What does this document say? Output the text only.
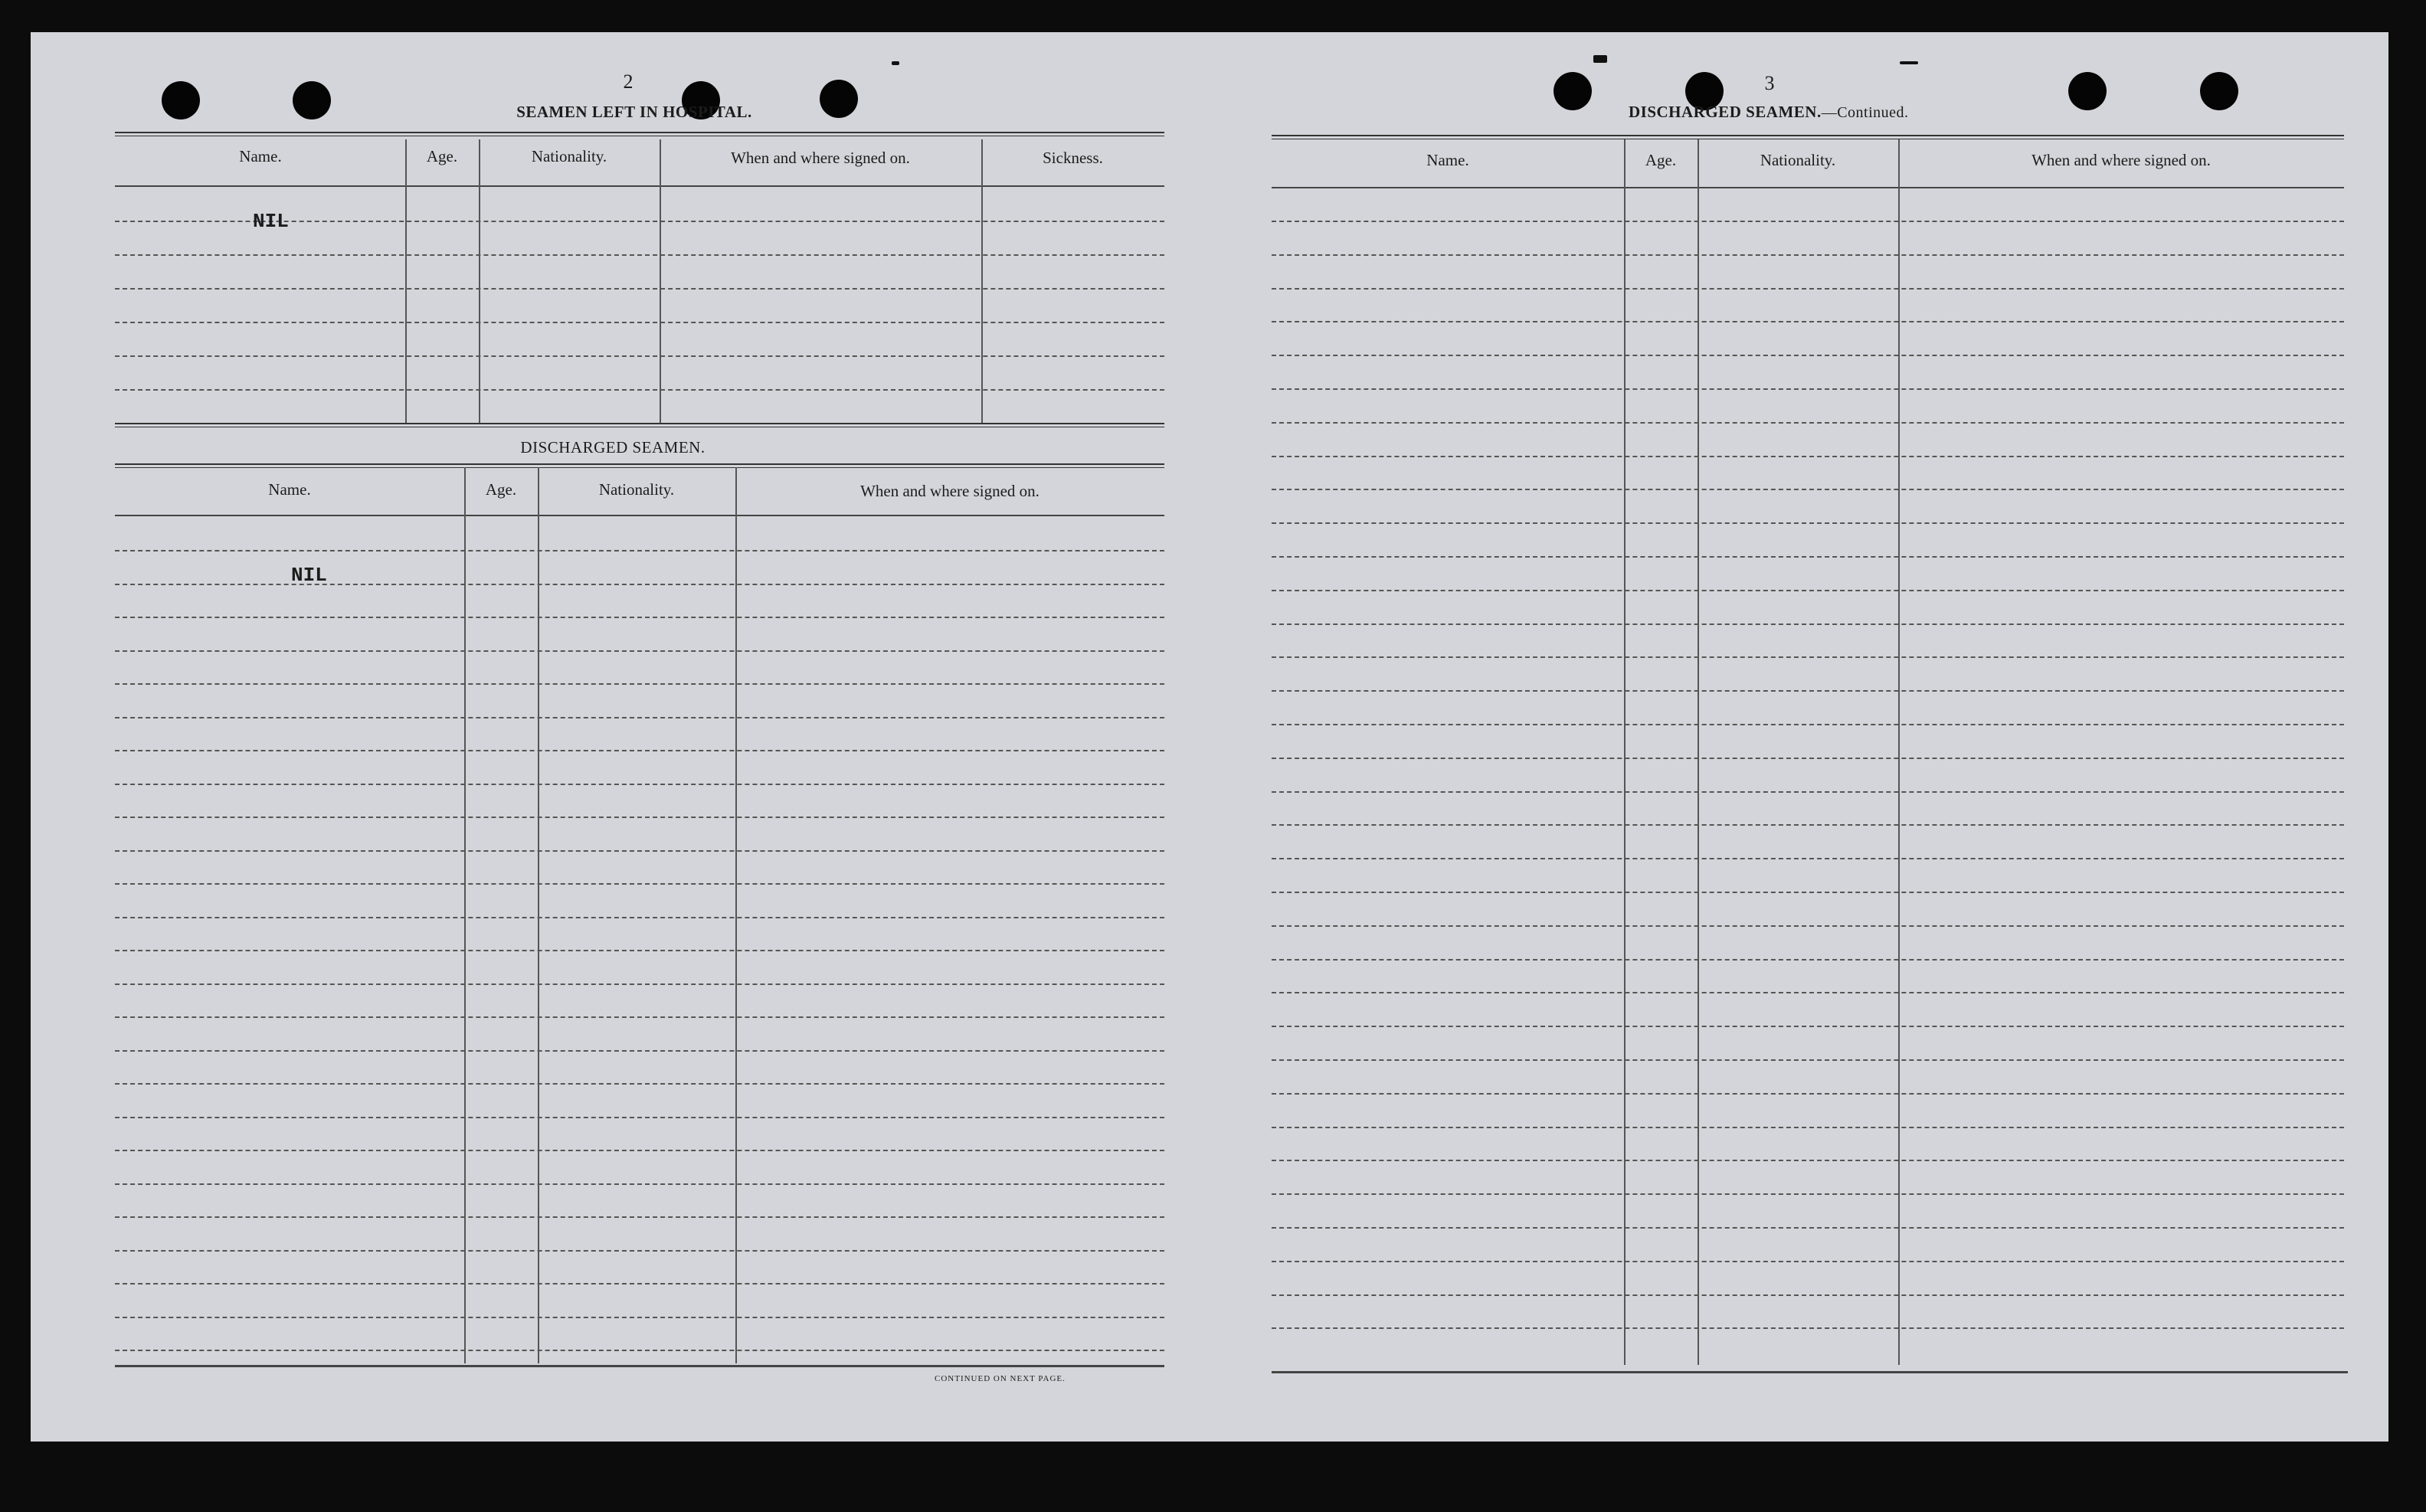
2
SEAMEN LEFT IN HOSPITAL.
Name.	Age.	Nationality.	When and where signed on.	Sickness.
NIL
DISCHARGED SEAMEN.
Name.	Age.	Nationality.	When and where signed on.
NIL
CONTINUED ON NEXT PAGE.
3
DISCHARGED SEAMEN.—Continued.
Name.	Age.	Nationality.	When and where signed on.
